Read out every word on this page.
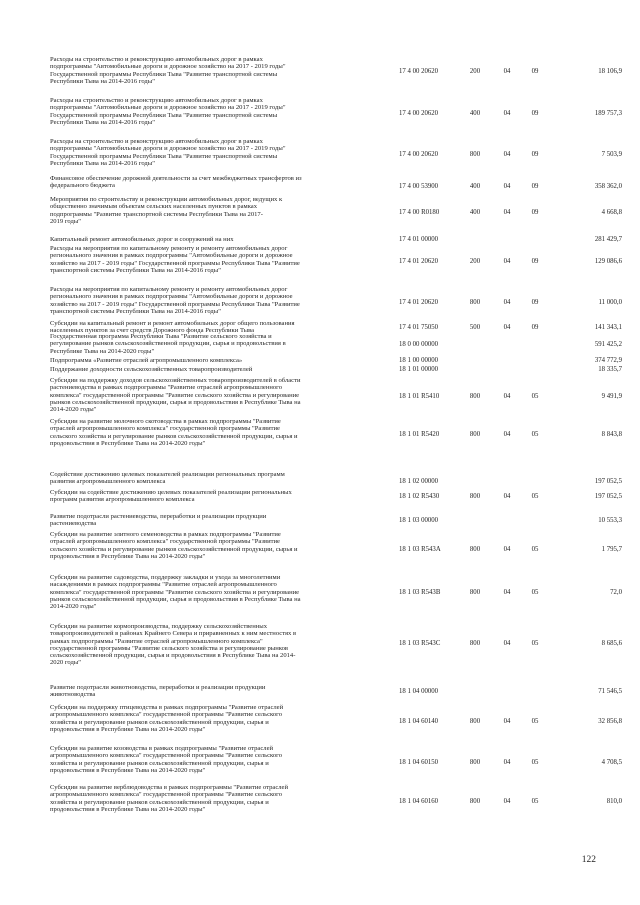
Расходы на строительство и реконструкцию автомобильных дорог в рамках
подпрограммы "Автомобильные дороги и дорожное хозяйство на 2017 - 2019 годы"
Государственной программы Республики Тыва "Развитие транспортной системы
Республики Тыва на 2014-2016 годы"
17 4 00 20620	200	04	09	18 106,9
Расходы на строительство и реконструкцию автомобильных дорог в рамках
подпрограммы "Автомобильные дороги и дорожное хозяйство на 2017 - 2019 годы"
Государственной программы Республики Тыва "Развитие транспортной системы
Республики Тыва на 2014-2016 годы"
17 4 00 20620	400	04	09	189 757,3
Расходы на строительство и реконструкцию автомобильных дорог в рамках
подпрограммы "Автомобильные дороги и дорожное хозяйство на 2017 - 2019 годы"
Государственной программы Республики Тыва "Развитие транспортной системы
Республики Тыва на 2014-2016 годы"
17 4 00 20620	800	04	09	7 503,9
Финансовое обеспечение дорожной деятельности за счет межбюджетных трансфертов из
федерального бюджета	17 4 00 53900	400	04	09	358 362,0
Мероприятия по строительству и реконструкции автомобильных дорог, ведущих к
общественно значимым объектам сельских населенных пунктов в рамках
подпрограммы "Развитие транспортной системы Республики Тыва на 2017-
2019 годы"
17 4 00 R0180	400	04	09	4 668,8
Капитальный ремонт автомобильных дорог и сооружений на них	17 4 01 00000	281 429,7
Расходы на мероприятия по капитальному ремонту и ремонту автомобильных дорог
регионального значения в рамках подпрограммы "Автомобильные дороги и дорожное
хозяйство на 2017 - 2019 годы" Государственной программы Республики Тыва "Развитие
транспортной системы Республики Тыва на 2014-2016 годы"
17 4 01 20620	200	04	09	129 086,6
Расходы на мероприятия по капитальному ремонту и ремонту автомобильных дорог
регионального значения в рамках подпрограммы "Автомобильные дороги и дорожное
хозяйство на 2017 - 2019 годы" Государственной программы Республики Тыва "Развитие
транспортной системы Республики Тыва на 2014-2016 годы"
17 4 01 20620	800	04	09	11 000,0
Субсидии на капитальный ремонт и ремонт автомобильных дорог общего пользования
населенных пунктов за счет средств Дорожного фонда Республики Тыва	17 4 01 75050	500	04	09	141 343,1
Государственная программа Республики Тыва "Развитие сельского хозяйства и
регулирование рынков сельскохозяйственной продукции, сырья и продовольствия в
Республике Тыва на 2014-2020 годы"
18 0 00 00000	591 425,2
Подпрограмма «Развитие отраслей агропромышленного комплекса»	18 1 00 00000	374 772,9
Поддержание доходности сельскохозяйственных товаропроизводителей	18 1 01 00000	18 335,7
Субсидии на поддержку доходов сельскохозяйственных товаропроизводителей в области
растениеводства в рамках подпрограммы "Развитие отраслей агропромышленного
комплекса" государственной программы "Развитие сельского хозяйства и регулирование
рынков сельскохозяйственной продукции, сырья и продовольствия в Республике Тыва на
2014-2020 годы"
18 1 01 R5410	800	04	05	9 491,9
Субсидии на развитие молочного скотоводства в рамках подпрограммы "Развитие
отраслей агропромышленного комплекса" государственной программы "Развитие
сельского хозяйства и регулирование рынков сельскохозяйственной продукции, сырья и
продовольствия в Республике Тыва на 2014-2020 годы"
18 1 01 R5420	800	04	05	8 843,8
Содействие достижению целевых показателей реализации региональных программ
развития агропромышленного комплекса	18 1 02 00000	197 052,5
Субсидии на содействие достижению целевых показателей реализации региональных
программ развития агропромышленного комплекса	18 1 02 R5430	800	04	05	197 052,5
Развитие подотрасли растениеводства, переработки и реализации продукции
растениеводства	18 1 03 00000	10 553,3
Субсидии на развитие элитного семеноводства в рамках подпрограммы "Развитие
отраслей агропромышленного комплекса" государственной программы "Развитие
сельского хозяйства и регулирование рынков сельскохозяйственной продукции, сырья и
продовольствия в Республике Тыва на 2014-2020 годы"
18 1 03 R543A	800	04	05	1 795,7
Субсидии на развитие садоводства, поддержку закладки и ухода за многолетними
насаждениями в рамках подпрограммы "Развитие отраслей агропромышленного
комплекса" государственной программы "Развитие сельского хозяйства и регулирование
рынков сельскохозяйственной продукции, сырья и продовольствия в Республике Тыва на
2014-2020 годы"
18 1 03 R543B	800	04	05	72,0
Субсидии на развитие кормопроизводства, поддержку сельскохозяйственных
товаропроизводителей в районах Крайнего Севера и приравненных к ним местностях в
рамках подпрограммы "Развитие отраслей агропромышленного комплекса"
государственной программы "Развитие сельского хозяйства и регулирование рынков
сельскохозяйственной продукции, сырья и продовольствия в Республике Тыва на 2014-
2020 годы"
18 1 03 R543C	800	04	05	8 685,6
Развитие подотрасли животноводства, переработки и реализации продукции
животноводства	18 1 04 00000	71 546,5
Субсидии на поддержку птицеводства в рамках подпрограммы "Развитие отраслей
агропромышленного комплекса" государственной программы "Развитие сельского
хозяйства и регулирование рынков сельскохозяйственной продукции, сырья и
продовольствия в Республике Тыва на 2014-2020 годы"
18 1 04 60140	800	04	05	32 856,8
Субсидии на развитие козоводства в рамках подпрограммы "Развитие отраслей
агропромышленного комплекса" государственной программы "Развитие сельского
хозяйства и регулирование рынков сельскохозяйственной продукции, сырья и
продовольствия в Республике Тыва на 2014-2020 годы"
18 1 04 60150	800	04	05	4 708,5
Субсидии на развитие верблюдоводства в рамках подпрограммы "Развитие отраслей
агропромышленного комплекса" государственной программы "Развитие сельского
хозяйства и регулирование рынков сельскохозяйственной продукции, сырья и
продовольствия в Республике Тыва на 2014-2020 годы"
18 1 04 60160	800	04	05	810,0
122
